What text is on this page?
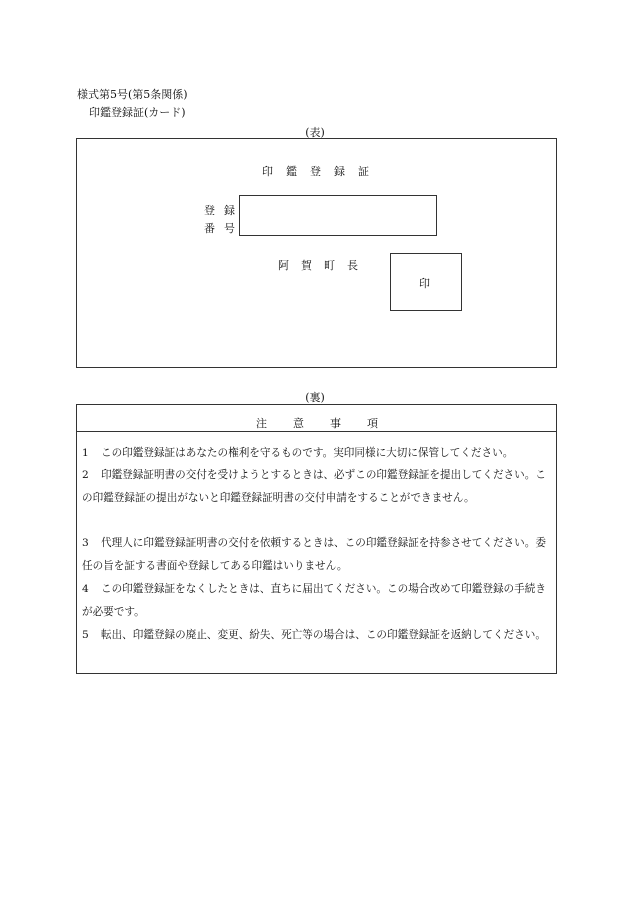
様式第5号(第5条関係)
印鑑登録証(カード)
(表)
印鑑登録証
登録
番号
阿賀町長
印
(裏)
注意事項
1 この印鑑登録証はあなたの権利を守るものです。実印同様に大切に保管してください。
2 印鑑登録証明書の交付を受けようとするときは、必ずこの印鑑登録証を提出してください。この印鑑登録証の提出がないと印鑑登録証明書の交付申請をすることができません。
3 代理人に印鑑登録証明書の交付を依頼するときは、この印鑑登録証を持参させてください。委任の旨を証する書面や登録してある印鑑はいりません。
4 この印鑑登録証をなくしたときは、直ちに届出てください。この場合改めて印鑑登録の手続きが必要です。
5 転出、印鑑登録の廃止、変更、紛失、死亡等の場合は、この印鑑登録証を返納してください。
